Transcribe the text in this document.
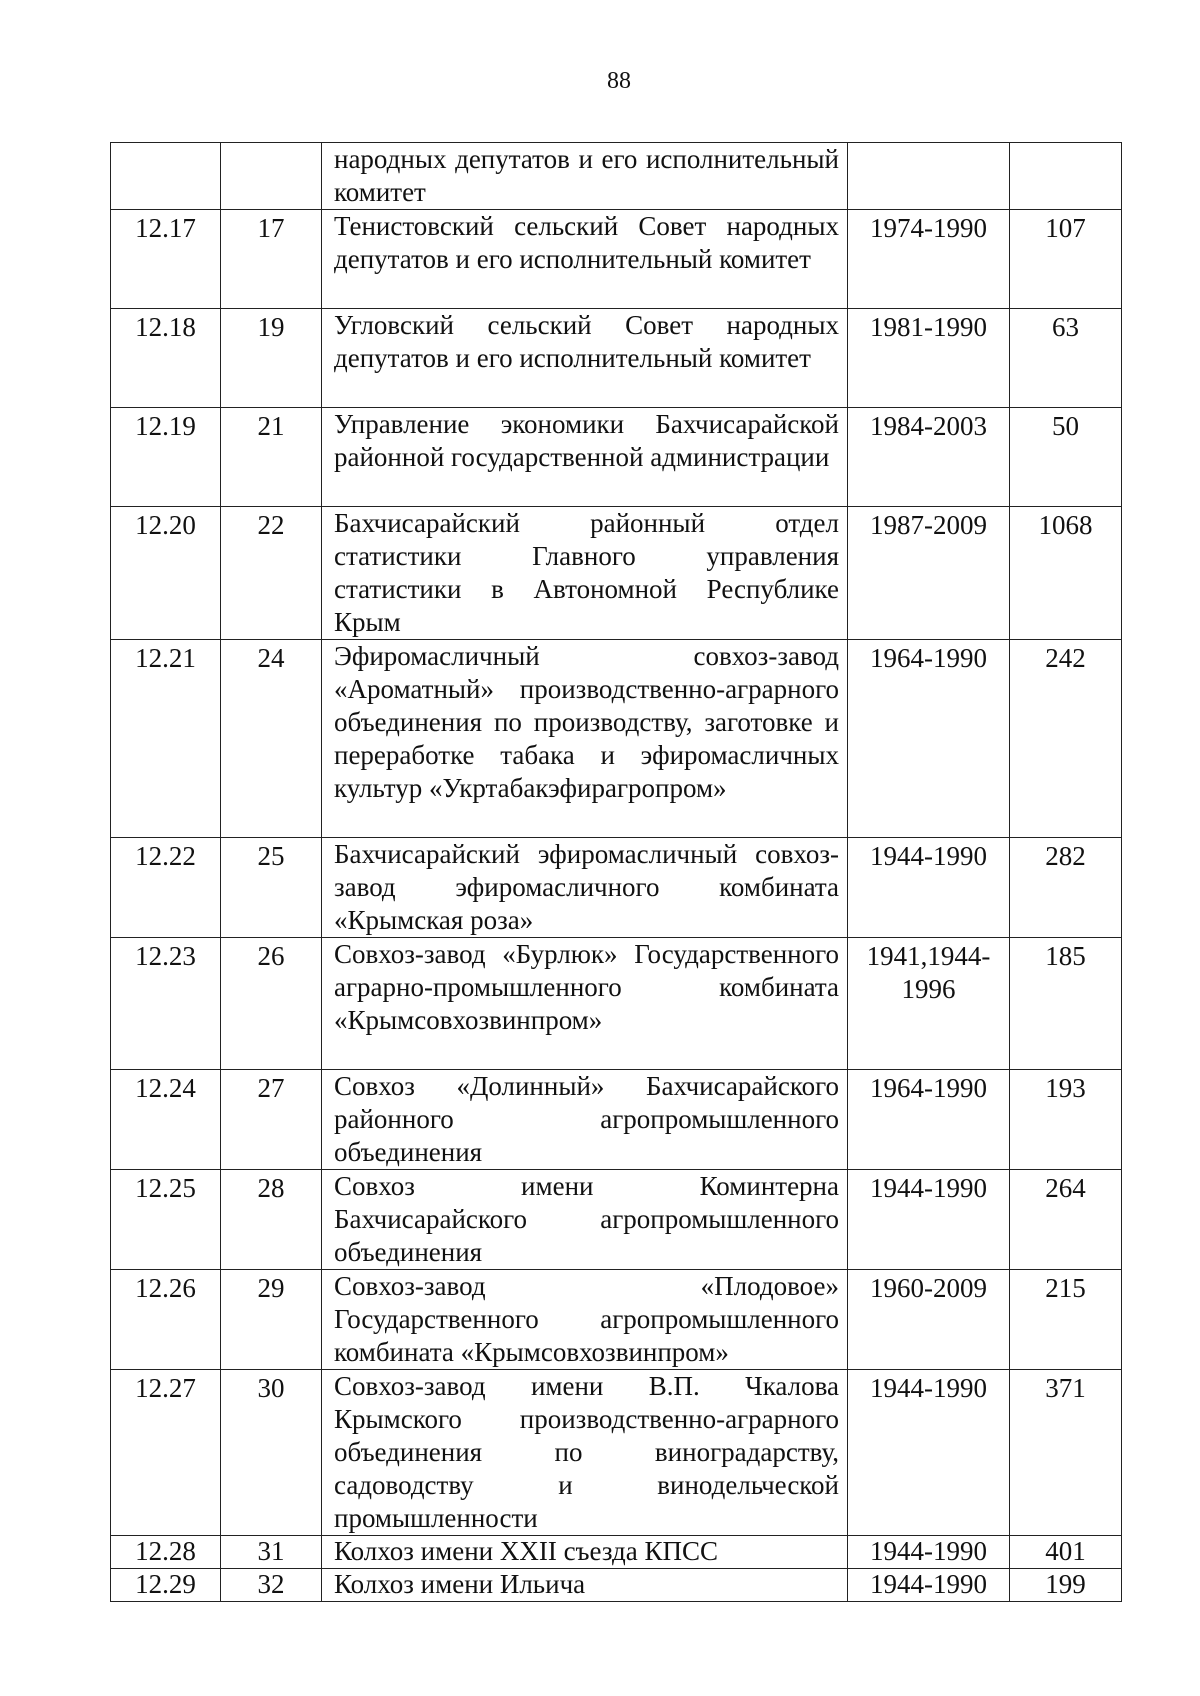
88
		народных депутатов и его исполнительный комитет		
12.17	17	Тенистовский сельский Совет народных депутатов и его исполнительный комитет	1974-1990	107
12.18	19	Угловский сельский Совет народных депутатов и его исполнительный комитет	1981-1990	63
12.19	21	Управление экономики Бахчисарайской районной государственной администрации	1984-2003	50
12.20	22	Бахчисарайский районный отдел статистики Главного управления статистики в Автономной Республике Крым	1987-2009	1068
12.21	24	Эфиромасличный совхоз-завод «Ароматный» производственно-аграрного объединения по производству, заготовке и переработке табака и эфиромасличных культур «Укртабакэфирагропром»	1964-1990	242
12.22	25	Бахчисарайский эфиромасличный совхоз-завод эфиромасличного комбината «Крымская роза»	1944-1990	282
12.23	26	Совхоз-завод «Бурлюк» Государственного аграрно-промышленного комбината «Крымсовхозвинпром»	1941,1944-1996	185
12.24	27	Совхоз «Долинный» Бахчисарайского районного агропромышленного объединения	1964-1990	193
12.25	28	Совхоз имени Коминтерна Бахчисарайского агропромышленного объединения	1944-1990	264
12.26	29	Совхоз-завод «Плодовое» Государственного агропромышленного комбината «Крымсовхозвинпром»	1960-2009	215
12.27	30	Совхоз-завод имени В.П. Чкалова Крымского производственно-аграрного объединения по виноградарству, садоводству и винодельческой промышленности	1944-1990	371
12.28	31	Колхоз имени XXII съезда КПСС	1944-1990	401
12.29	32	Колхоз имени Ильича	1944-1990	199
